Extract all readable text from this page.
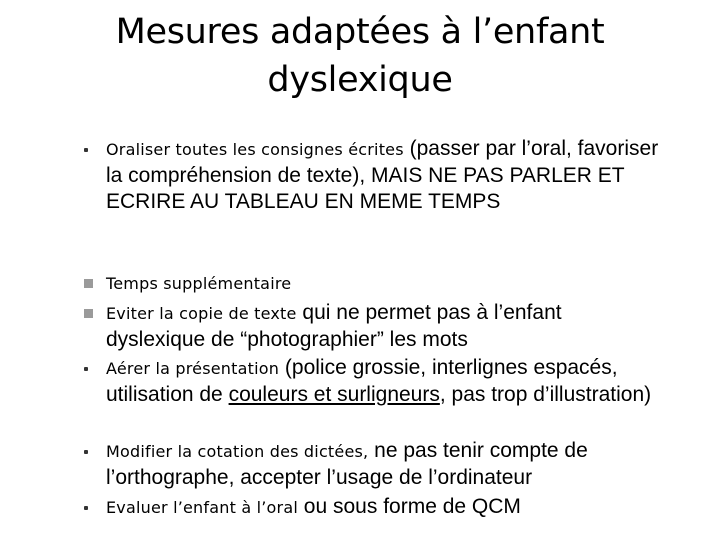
Mesures adaptées à l’enfant
dyslexique
Oraliser toutes les consignes écrites (passer par l’oral, favoriser la compréhension de texte), MAIS NE PAS PARLER ET ECRIRE AU TABLEAU EN MEME TEMPS
Temps supplémentaire
Eviter la copie de texte qui ne permet pas à l’enfant dyslexique de “photographier” les mots
Aérer la présentation (police grossie, interlignes espacés, utilisation de couleurs et surligneurs, pas trop d’illustration)
Modifier la cotation des dictées, ne pas tenir compte de l’orthographe, accepter l’usage de l’ordinateur
Evaluer l’enfant à l’oral ou sous forme de QCM
